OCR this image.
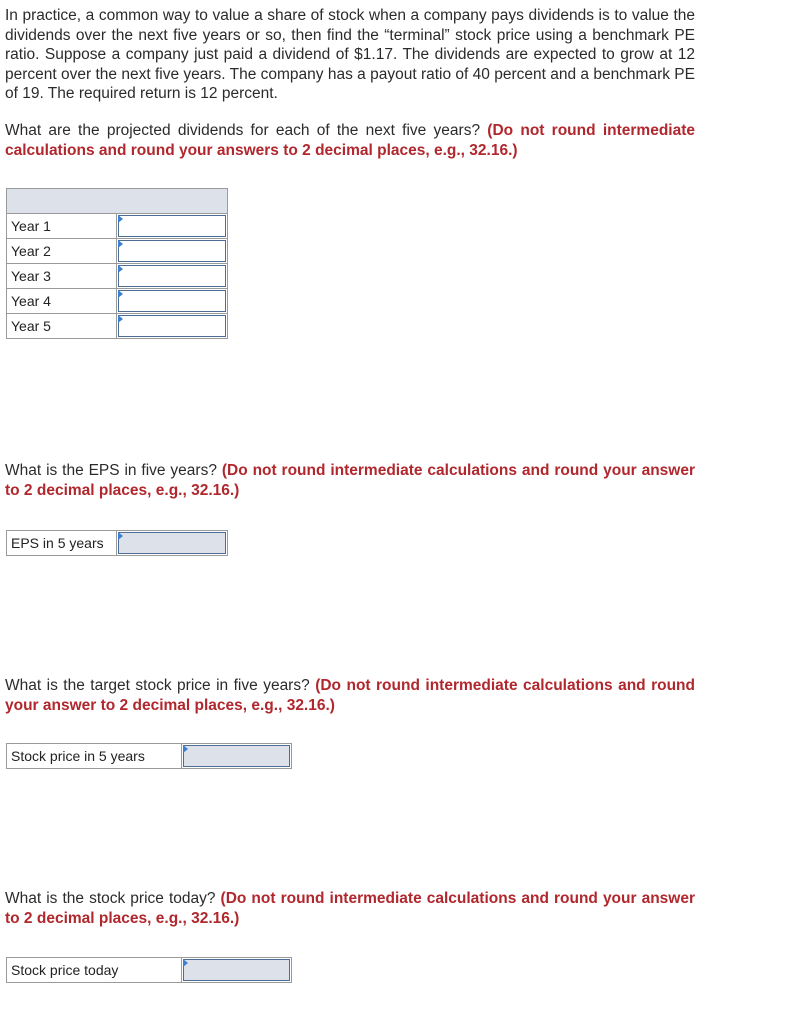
In practice, a common way to value a share of stock when a company pays dividends is to value the dividends over the next five years or so, then find the “terminal” stock price using a benchmark PE ratio. Suppose a company just paid a dividend of $1.17. The dividends are expected to grow at 12 percent over the next five years. The company has a payout ratio of 40 percent and a benchmark PE of 19. The required return is 12 percent.
What are the projected dividends for each of the next five years? (Do not round intermediate calculations and round your answers to 2 decimal places, e.g., 32.16.)

Year 1	

Year 2	

Year 3	

Year 4	

Year 5	
What is the EPS in five years? (Do not round intermediate calculations and round your answer to 2 decimal places, e.g., 32.16.)
EPS in 5 years	
What is the target stock price in five years? (Do not round intermediate calculations and round your answer to 2 decimal places, e.g., 32.16.)
Stock price in 5 years	
What is the stock price today? (Do not round intermediate calculations and round your answer to 2 decimal places, e.g., 32.16.)
Stock price today	
